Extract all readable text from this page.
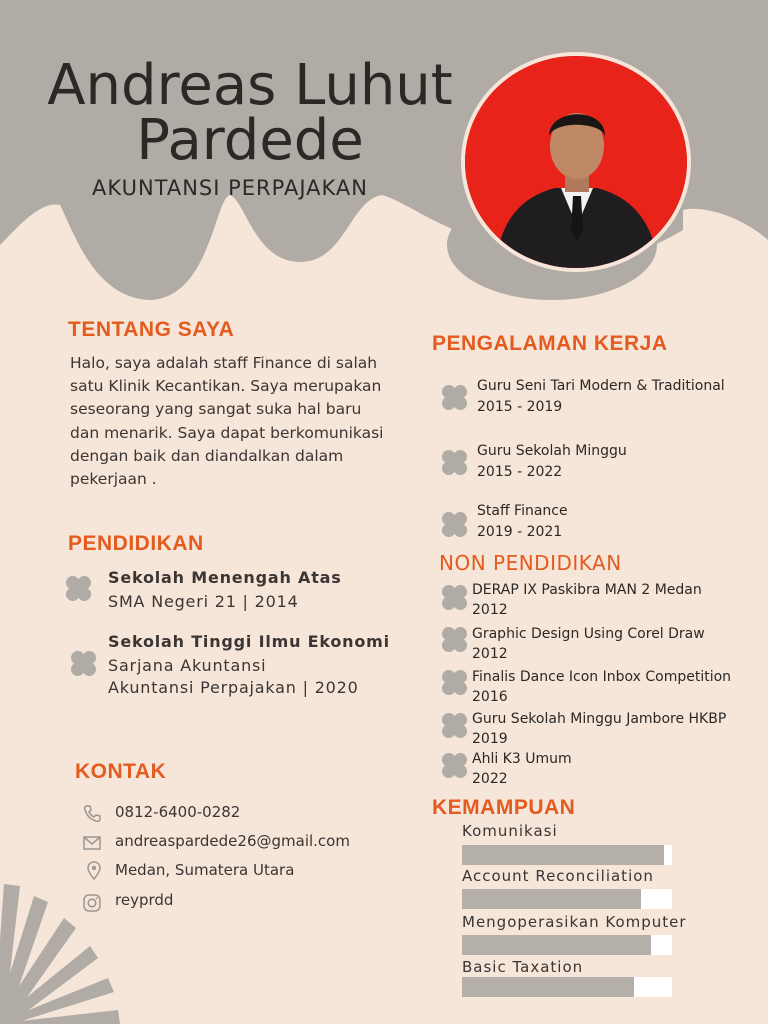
Andreas Luhut
Pardede
AKUNTANSI PERPAJAKAN
TENTANG SAYA
Halo, saya adalah staff Finance di salah satu Klinik Kecantikan. Saya merupakan seseorang yang sangat suka hal baru dan menarik. Saya dapat berkomunikasi dengan baik dan diandalkan dalam pekerjaan .
PENDIDIKAN
Sekolah Menengah Atas
SMA Negeri 21 | 2014
Sekolah Tinggi Ilmu Ekonomi
Sarjana Akuntansi
Akuntansi Perpajakan | 2020
KONTAK
0812-6400-0282
andreaspardede26@gmail.com
Medan, Sumatera Utara
reyprdd
PENGALAMAN KERJA
Guru Seni Tari Modern & Traditional
2015 - 2019
Guru Sekolah Minggu
2015 - 2022
Staff Finance
2019 - 2021
NON PENDIDIKAN
DERAP IX Paskibra MAN 2 Medan
2012
Graphic Design Using Corel Draw
2012
Finalis Dance Icon Inbox Competition
2016
Guru Sekolah Minggu Jambore HKBP
2019
Ahli K3 Umum
2022
KEMAMPUAN
Komunikasi
Account Reconciliation
Mengoperasikan Komputer
Basic Taxation
